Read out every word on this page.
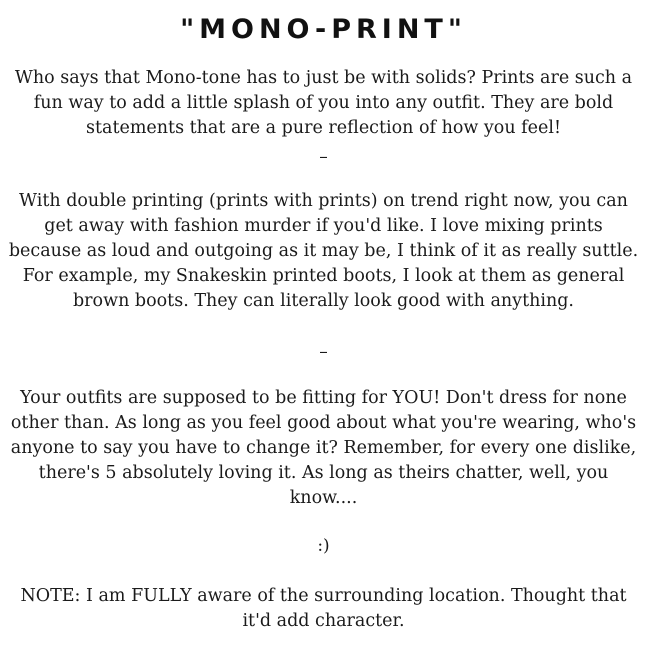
"MONO-PRINT"

Who says that Mono-tone has to just be with solids? Prints are such a fun way to add a little splash of you into any outfit. They are bold statements that are a pure reflection of how you feel!

–

With double printing (prints with prints) on trend right now, you can get away with fashion murder if you'd like. I love mixing prints because as loud and outgoing as it may be, I think of it as really suttle. For example, my Snakeskin printed boots, I look at them as general brown boots. They can literally look good with anything.

–

Your outfits are supposed to be fitting for YOU! Don't dress for none other than. As long as you feel good about what you're wearing, who's anyone to say you have to change it? Remember, for every one dislike, there's 5 absolutely loving it. As long as theirs chatter, well, you know....

:)

NOTE: I am FULLY aware of the surrounding location. Thought that it'd add character.
